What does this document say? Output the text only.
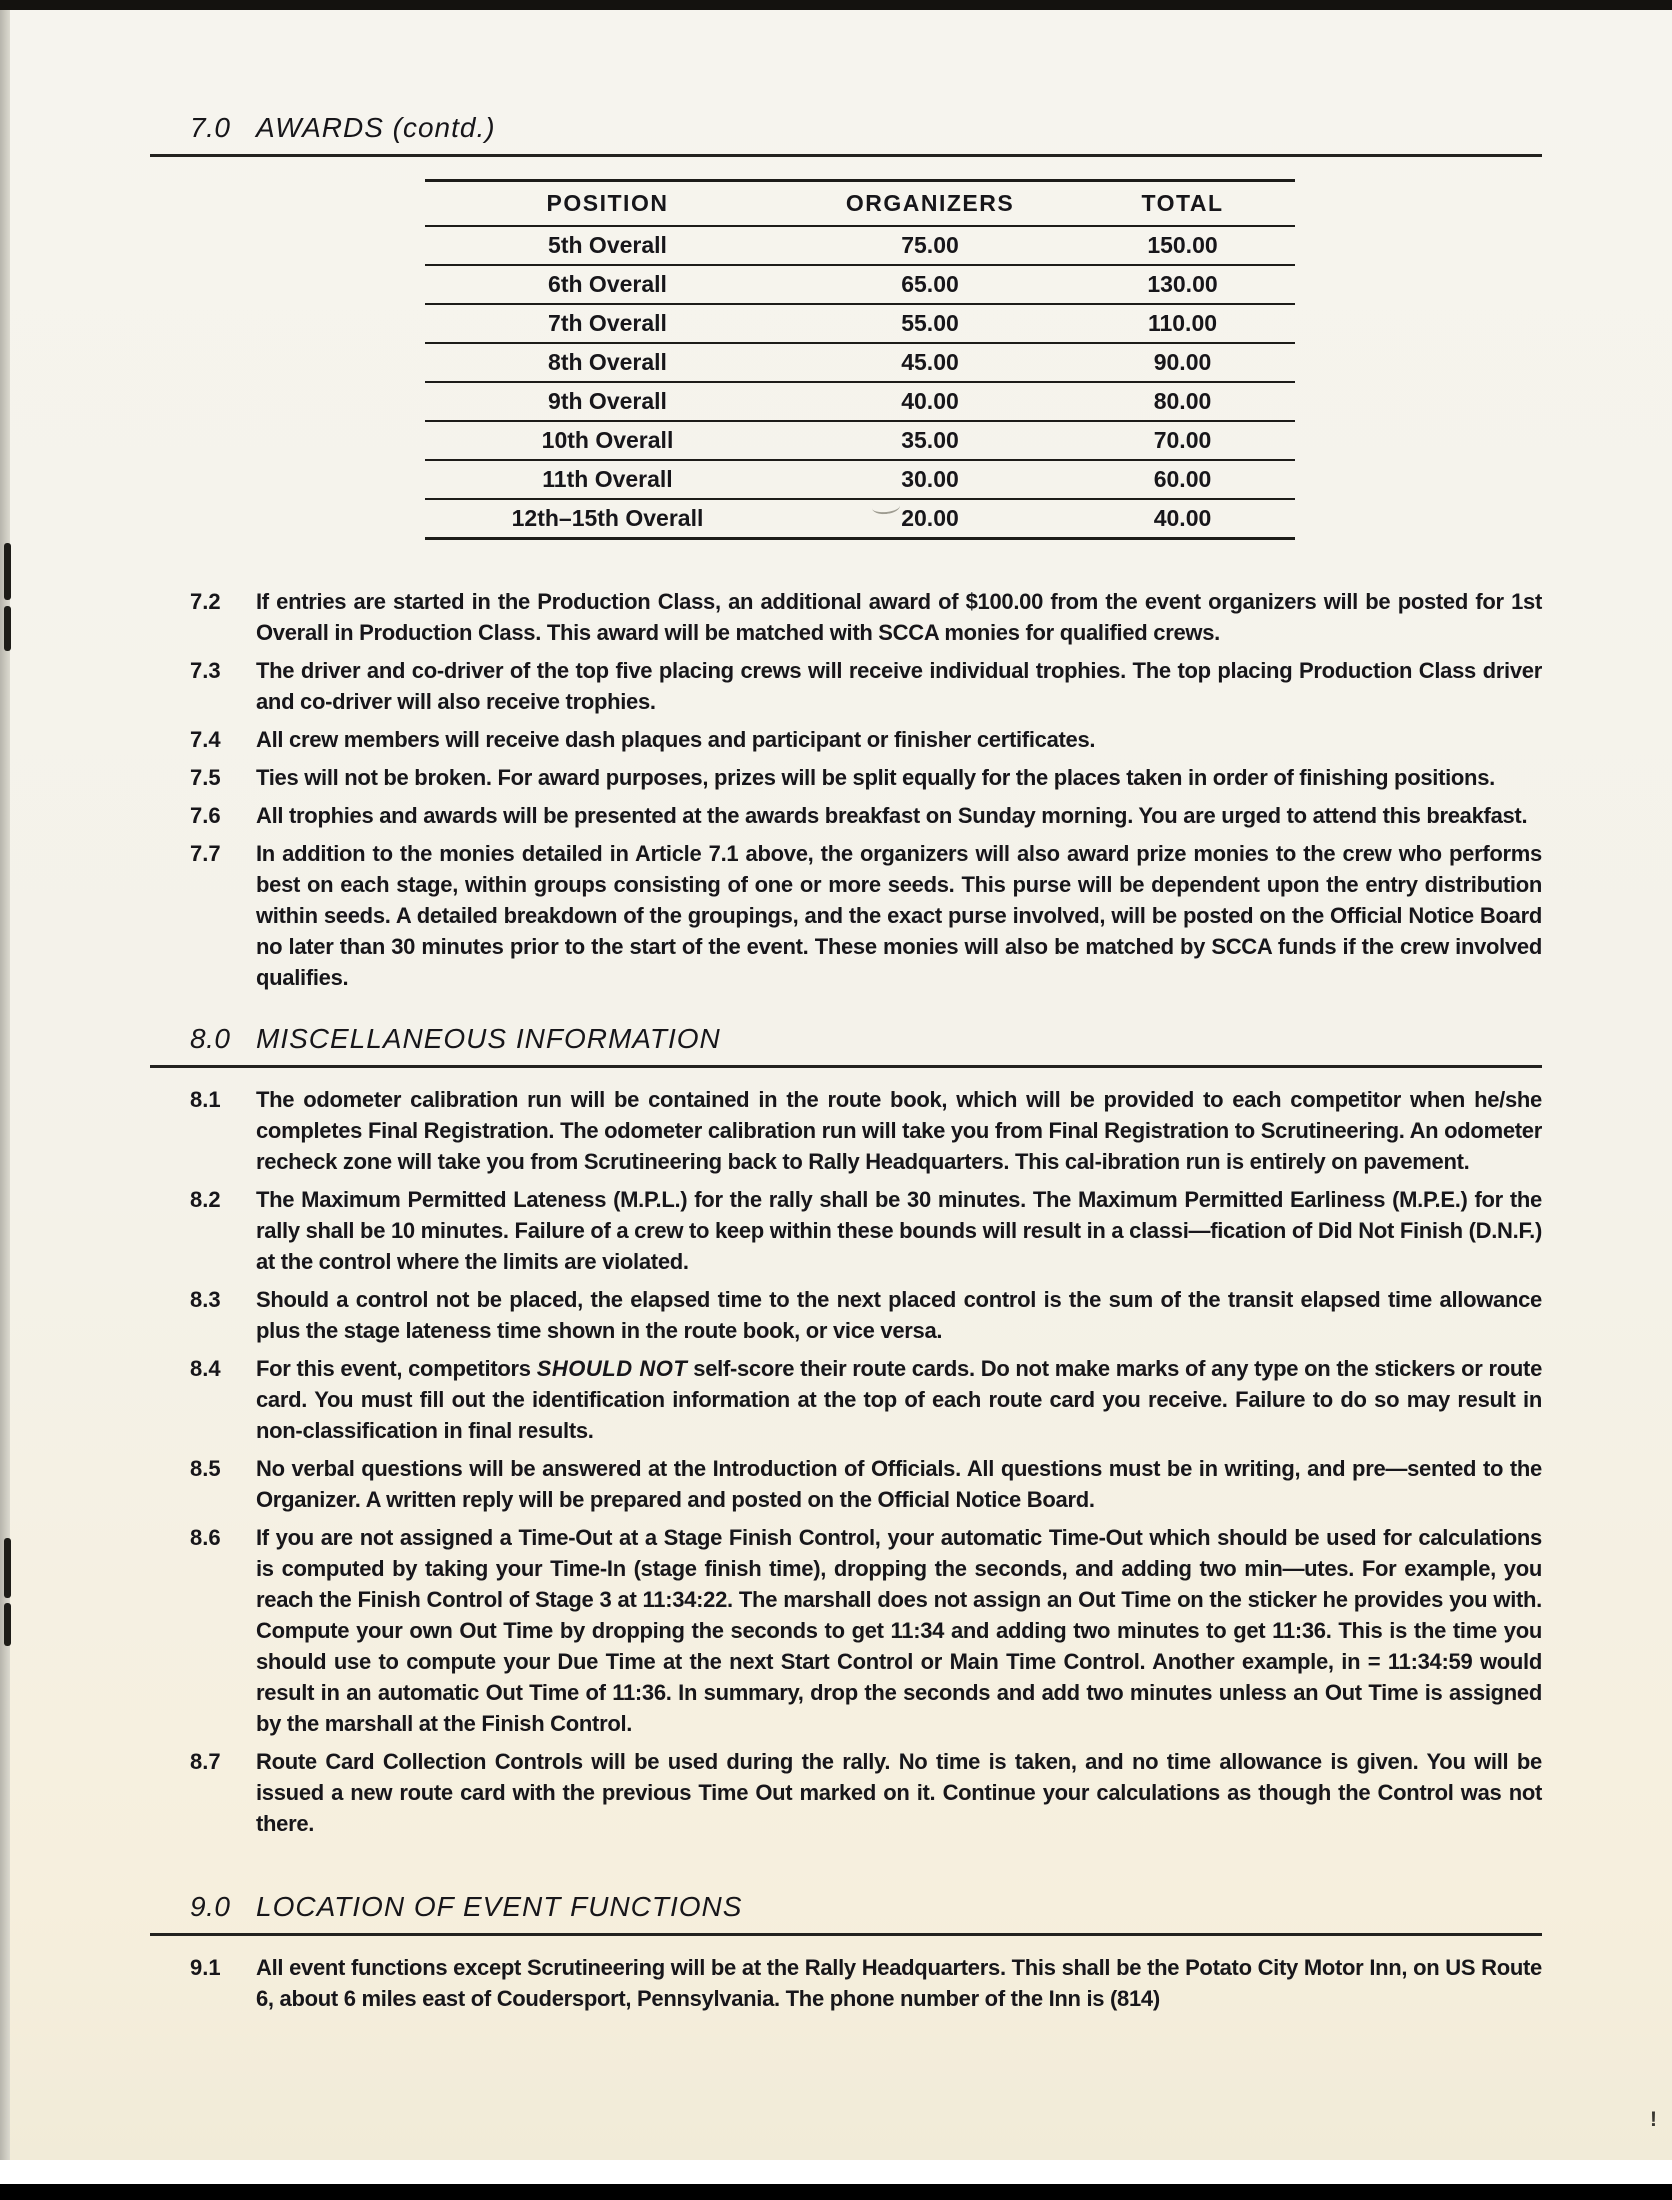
7.0 AWARDS (contd.)
POSITION	ORGANIZERS	TOTAL
5th Overall	75.00	150.00
6th Overall	65.00	130.00
7th Overall	55.00	110.00
8th Overall	45.00	90.00
9th Overall	40.00	80.00
10th Overall	35.00	70.00
11th Overall	30.00	60.00
12th–15th Overall	20.00	40.00
7.2	If entries are started in the Production Class, an additional award of $100.00 from the event organizers will be posted for 1st Overall in Production Class. This award will be matched with SCCA monies for qualified crews.
7.3	The driver and co-driver of the top five placing crews will receive individual trophies. The top placing Production Class driver and co-driver will also receive trophies.
7.4	All crew members will receive dash plaques and participant or finisher certificates.
7.5	Ties will not be broken. For award purposes, prizes will be split equally for the places taken in order of finishing positions.
7.6	All trophies and awards will be presented at the awards breakfast on Sunday morning. You are urged to attend this breakfast.
7.7	In addition to the monies detailed in Article 7.1 above, the organizers will also award prize monies to the crew who performs best on each stage, within groups consisting of one or more seeds. This purse will be dependent upon the entry distribution within seeds. A detailed breakdown of the groupings, and the exact purse involved, will be posted on the Official Notice Board no later than 30 minutes prior to the start of the event. These monies will also be matched by SCCA funds if the crew involved qualifies.
8.0 MISCELLANEOUS INFORMATION
8.1	The odometer calibration run will be contained in the route book, which will be provided to each competitor when he/she completes Final Registration. The odometer calibration run will take you from Final Registration to Scrutineering. An odometer recheck zone will take you from Scrutineering back to Rally Headquarters. This cal-ibration run is entirely on pavement.
8.2	The Maximum Permitted Lateness (M.P.L.) for the rally shall be 30 minutes. The Maximum Permitted Earliness (M.P.E.) for the rally shall be 10 minutes. Failure of a crew to keep within these bounds will result in a classi—fication of Did Not Finish (D.N.F.) at the control where the limits are violated.
8.3	Should a control not be placed, the elapsed time to the next placed control is the sum of the transit elapsed time allowance plus the stage lateness time shown in the route book, or vice versa.
8.4	For this event, competitors SHOULD NOT self-score their route cards. Do not make marks of any type on the stickers or route card. You must fill out the identification information at the top of each route card you receive. Failure to do so may result in non-classification in final results.
8.5	No verbal questions will be answered at the Introduction of Officials. All questions must be in writing, and pre—sented to the Organizer. A written reply will be prepared and posted on the Official Notice Board.
8.6	If you are not assigned a Time-Out at a Stage Finish Control, your automatic Time-Out which should be used for calculations is computed by taking your Time-In (stage finish time), dropping the seconds, and adding two min—utes. For example, you reach the Finish Control of Stage 3 at 11:34:22. The marshall does not assign an Out Time on the sticker he provides you with. Compute your own Out Time by dropping the seconds to get 11:34 and adding two minutes to get 11:36. This is the time you should use to compute your Due Time at the next Start Control or Main Time Control. Another example, in = 11:34:59 would result in an automatic Out Time of 11:36. In summary, drop the seconds and add two minutes unless an Out Time is assigned by the marshall at the Finish Control.
8.7	Route Card Collection Controls will be used during the rally. No time is taken, and no time allowance is given. You will be issued a new route card with the previous Time Out marked on it. Continue your calculations as though the Control was not there.
9.0 LOCATION OF EVENT FUNCTIONS
9.1	All event functions except Scrutineering will be at the Rally Headquarters. This shall be the Potato City Motor Inn, on US Route 6, about 6 miles east of Coudersport, Pennsylvania. The phone number of the Inn is (814)
!
